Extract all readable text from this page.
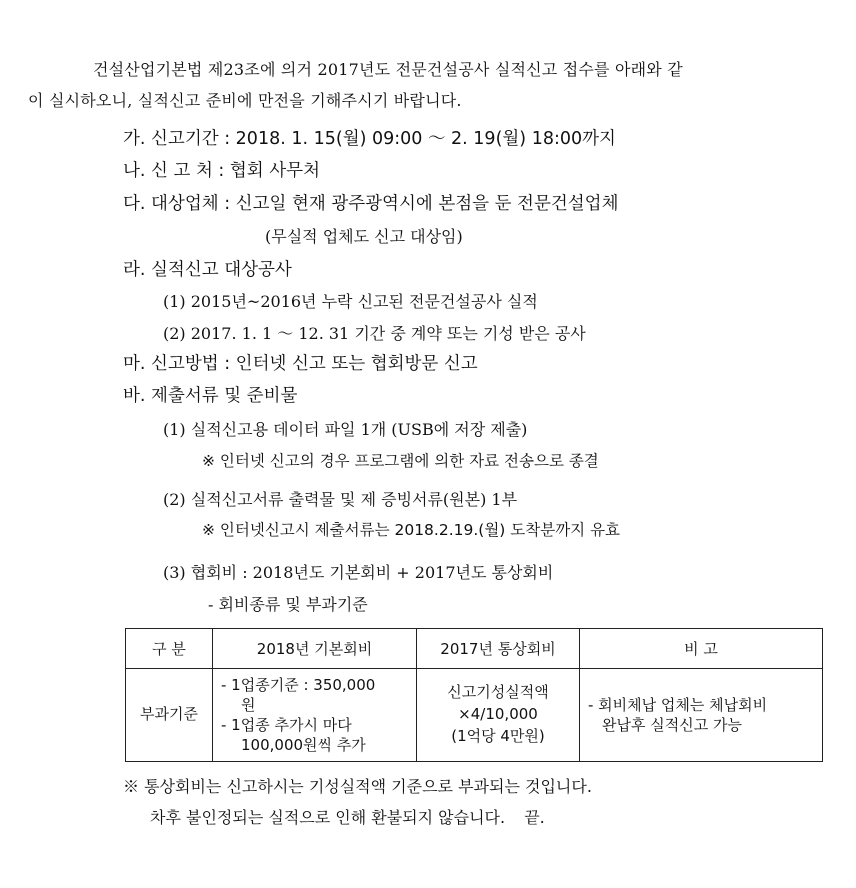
건설산업기본법 제23조에 의거 2017년도 전문건설공사 실적신고 접수를 아래와 같
이 실시하오니, 실적신고 준비에 만전을 기해주시기 바랍니다.
가. 신고기간 : 2018. 1. 15(월) 09:00 ～ 2. 19(월) 18:00까지
나. 신 고 처 : 협회 사무처
다. 대상업체 : 신고일 현재 광주광역시에 본점을 둔 전문건설업체
(무실적 업체도 신고 대상임)
라. 실적신고 대상공사
(1) 2015년~2016년 누락 신고된 전문건설공사 실적
(2) 2017. 1. 1 ～ 12. 31 기간 중 계약 또는 기성 받은 공사
마. 신고방법 : 인터넷 신고 또는 협회방문 신고
바. 제출서류 및 준비물
(1) 실적신고용 데이터 파일 1개 (USB에 저장 제출)
※ 인터넷 신고의 경우 프로그램에 의한 자료 전송으로 종결
(2) 실적신고서류 출력물 및 제 증빙서류(원본) 1부
※ 인터넷신고시 제출서류는 2018.2.19.(월) 도착분까지 유효
(3) 협회비 : 2018년도 기본회비 + 2017년도 통상회비
- 회비종류 및 부과기준
구 분	2018년 기본회비	2017년 통상회비	비 고
부과기준	- 1업종기준 : 350,000
원
- 1업종 추가시 마다
100,000원씩 추가	신고기성실적액
×4/10,000
(1억당 4만원)	- 회비체납 업체는 체납회비
완납후 실적신고 가능
※ 통상회비는 신고하시는 기성실적액 기준으로 부과되는 것입니다.
차후 불인정되는 실적으로 인해 환불되지 않습니다. 끝.
